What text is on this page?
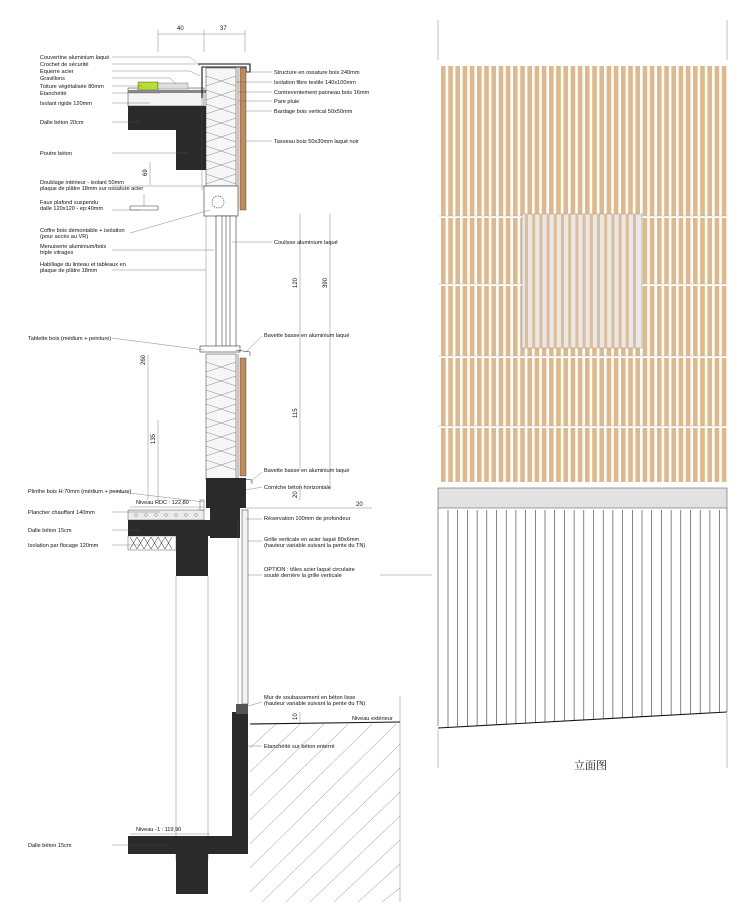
40	37
69
260
135
120	390
115
20
20
10
Couvertine aluminium laqué
Crochet de sécurité
Equerre acier
Gravillons
Toiture végétalisée 80mm
Etanchéité
Isolant rigide 120mm
Dalle béton 20cm
Poutre béton
Doublage intérieur - isolant 50mm
plaque de plâtre 18mm sur ossature acier
Faux plafond suspendu
dalle 120x120 - ep:40mm
Coffre bois démontable + isolation
(pour accès au VR)
Menuiserie aluminium/bois
triple vitrages
Habillage du linteau et tableaux en
plaque de plâtre 18mm
Tablette bois (médium + peinture)
Plinthe bois H:70mm (médium + peinture)
Plancher chauffant 140mm
Dalle béton 15cm
Isolation par flocage 120mm
Dalle béton 15cm
Niveau RDC : 122,80
Niveau -1 : 119,90
Niveau extérieur
Structure en ossature bois 240mm
Isolation fibre textile 140x100mm
Contreventement panneau bois 16mm
Pare pluie
Bardage bois vertical 50x50mm
Tasseau bois 50x30mm laqué noir
Coulisse aluminium laqué
Bavette basse en aluminium laqué
Bavette basse en aluminium laqué
Corniche béton horizontale
Réservation 100mm de profondeur
Grille verticale en acier laqué 80x6mm
(hauteur variable suivant la pente du TN)
OPTION : tôles acier laqué circulaire
soudé derrière la grille verticale
Mur de soubassement en béton lisse
(hauteur variable suivant la pente du TN)
Etanchéité sur béton enterré
立面图
